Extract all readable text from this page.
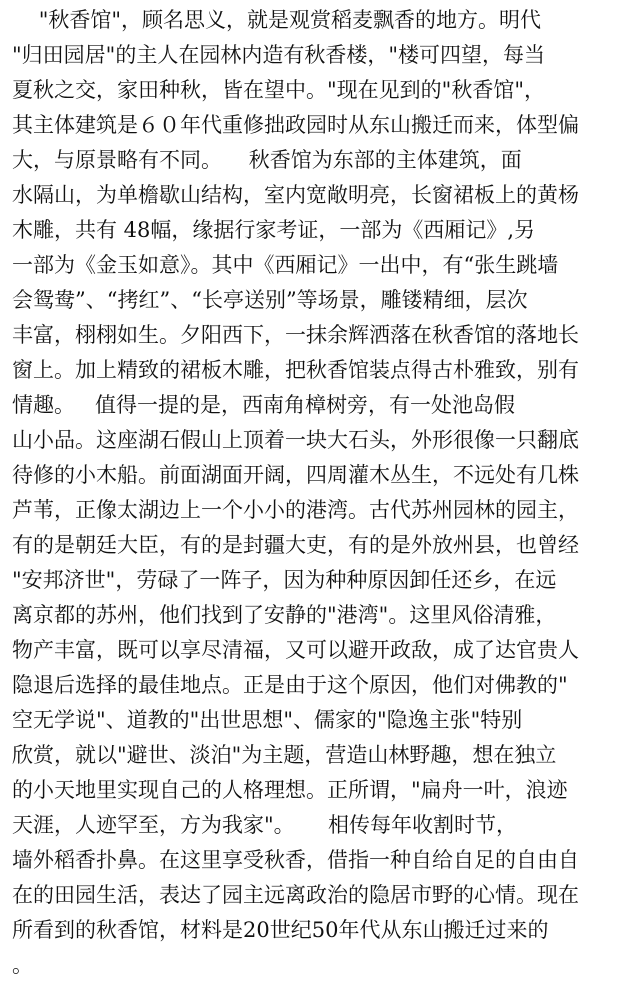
"秋香馆"，顾名思义，就是观赏稻麦飘香的地方。明代
"归田园居"的主人在园林内造有秋香楼，"楼可四望，每当
夏秋之交，家田种秋，皆在望中。"现在见到的"秋香馆"，
其主体建筑是６０年代重修拙政园时从东山搬迁而来，体型偏
大，与原景略有不同。    秋香馆为东部的主体建筑，面
水隔山，为单檐歇山结构，室内宽敞明亮，长窗裙板上的黄杨
木雕，共有 48幅，缘据行家考证，一部为《西厢记》,另
一部为《金玉如意》。其中《西厢记》一出中，有“张生跳墙
会鸳鸯”、“拷红”、“长亭送别”等场景，雕镂精细，层次
丰富，栩栩如生。夕阳西下，一抹余辉洒落在秋香馆的落地长
窗上。加上精致的裙板木雕，把秋香馆装点得古朴雅致，别有
情趣。   值得一提的是，西南角樟树旁，有一处池岛假
山小品。这座湖石假山上顶着一块大石头，外形很像一只翻底
待修的小木船。前面湖面开阔，四周灌木丛生，不远处有几株
芦苇，正像太湖边上一个小小的港湾。古代苏州园林的园主，
有的是朝廷大臣，有的是封疆大吏，有的是外放州县，也曾经
"安邦济世"，劳碌了一阵子，因为种种原因卸任还乡，在远
离京都的苏州，他们找到了安静的"港湾"。这里风俗清雅，
物产丰富，既可以享尽清福，又可以避开政敌，成了达官贵人
隐退后选择的最佳地点。正是由于这个原因，他们对佛教的"
空无学说"、道教的"出世思想"、儒家的"隐逸主张"特别
欣赏，就以"避世、淡泊"为主题，营造山林野趣，想在独立
的小天地里实现自己的人格理想。正所谓，"扁舟一叶，浪迹
天涯，人迹罕至，方为我家"。     相传每年收割时节，
墙外稻香扑鼻。在这里享受秋香，借指一种自给自足的自由自
在的田园生活，表达了园主远离政治的隐居市野的心情。现在
所看到的秋香馆，材料是20世纪50年代从东山搬迁过来的
。
